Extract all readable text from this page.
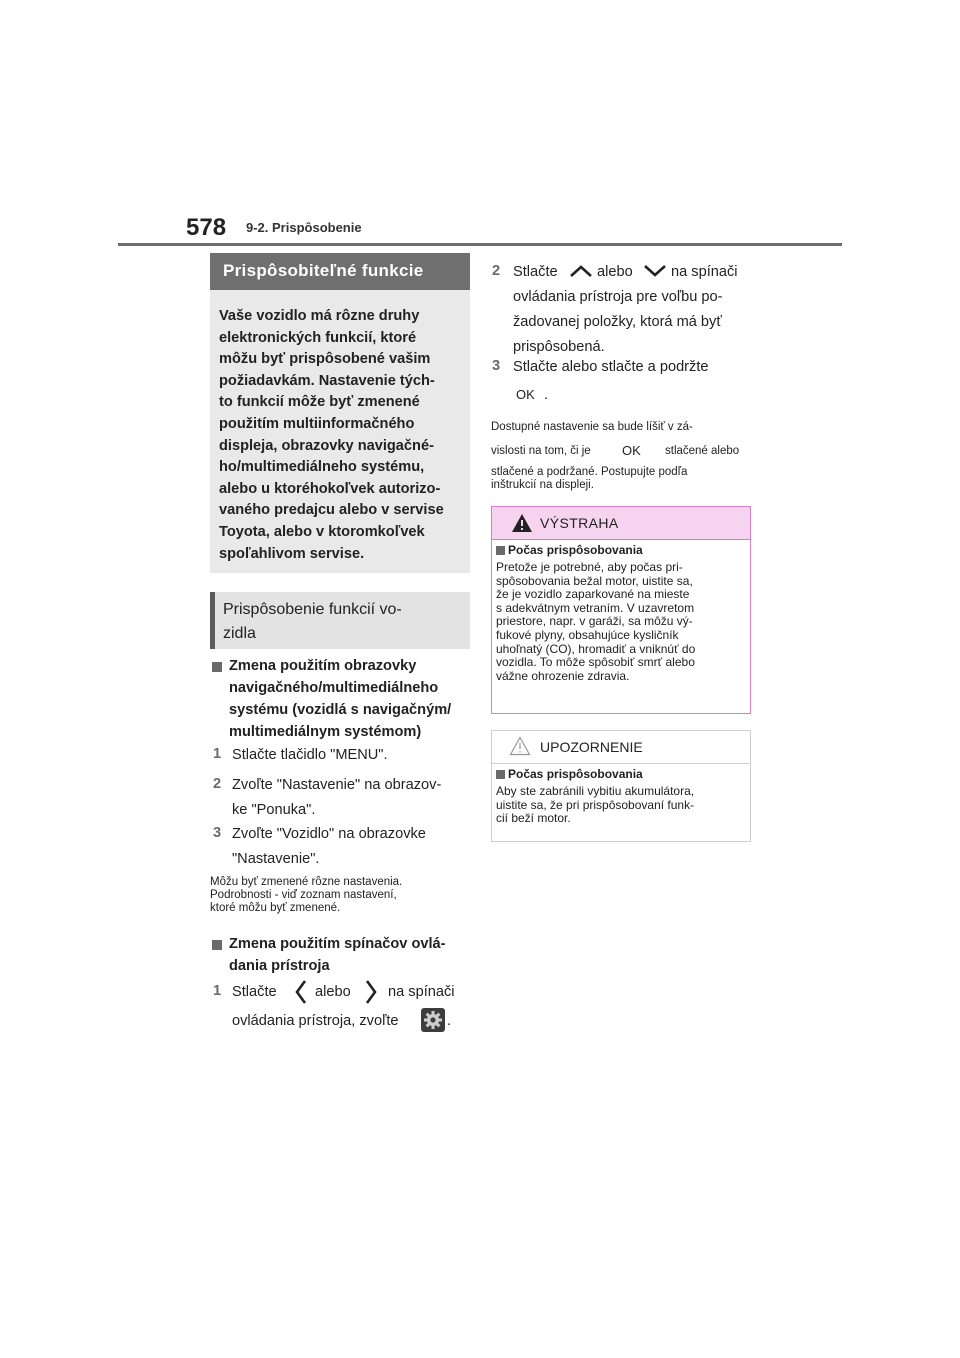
578 9-2. Prispôsobenie
Prispôsobiteľné funkcie
Vaše vozidlo má rôzne druhy
elektronických funkcií, ktoré
môžu byť prispôsobené vašim
požiadavkám. Nastavenie tých-
to funkcií môže byť zmenené
použitím multiinformačného
displeja, obrazovky navigačné-
ho/multimediálneho systému,
alebo u ktoréhokoľvek autorizo-
vaného predajcu alebo v servise
Toyota, alebo v ktoromkoľvek
spoľahlivom servise.
Prispôsobenie funkcií vo-
zidla
Zmena použitím obrazovky
navigačného/multimediálneho
systému (vozidlá s navigačným/
multimediálnym systémom)
1 Stlačte tlačidlo "MENU".
2 Zvoľte "Nastavenie" na obrazov-
ke "Ponuka".
3 Zvoľte "Vozidlo" na obrazovke
"Nastavenie".
Môžu byť zmenené rôzne nastavenia.
Podrobnosti - viď zoznam nastavení,
ktoré môžu byť zmenené.
Zmena použitím spínačov ovlá-
dania prístroja
1 Stlačte	alebo	na spínači
ovládania prístroja, zvoľte	.
2 Stlačte	alebo	na spínači
ovládania prístroja pre voľbu po-
žadovanej položky, ktorá má byť
prispôsobená.
3 Stlačte alebo stlačte a podržte
OK .
Dostupné nastavenie sa bude líšiť v zá-
vislosti na tom, či je OK stlačené alebo
stlačené a podržané. Postupujte podľa
inštrukcií na displeji.
VÝSTRAHA
Počas prispôsobovania
Pretože je potrebné, aby počas pri-
spôsobovania bežal motor, uistite sa,
že je vozidlo zaparkované na mieste
s adekvátnym vetraním. V uzavretom
priestore, napr. v garáži, sa môžu vý-
fukové plyny, obsahujúce kysličník
uhoľnatý (CO), hromadiť a vniknúť do
vozidla. To môže spôsobiť smrť alebo
vážne ohrozenie zdravia.
UPOZORNENIE
Počas prispôsobovania
Aby ste zabránili vybitiu akumulátora,
uistite sa, že pri prispôsobovaní funk-
cií beží motor.
